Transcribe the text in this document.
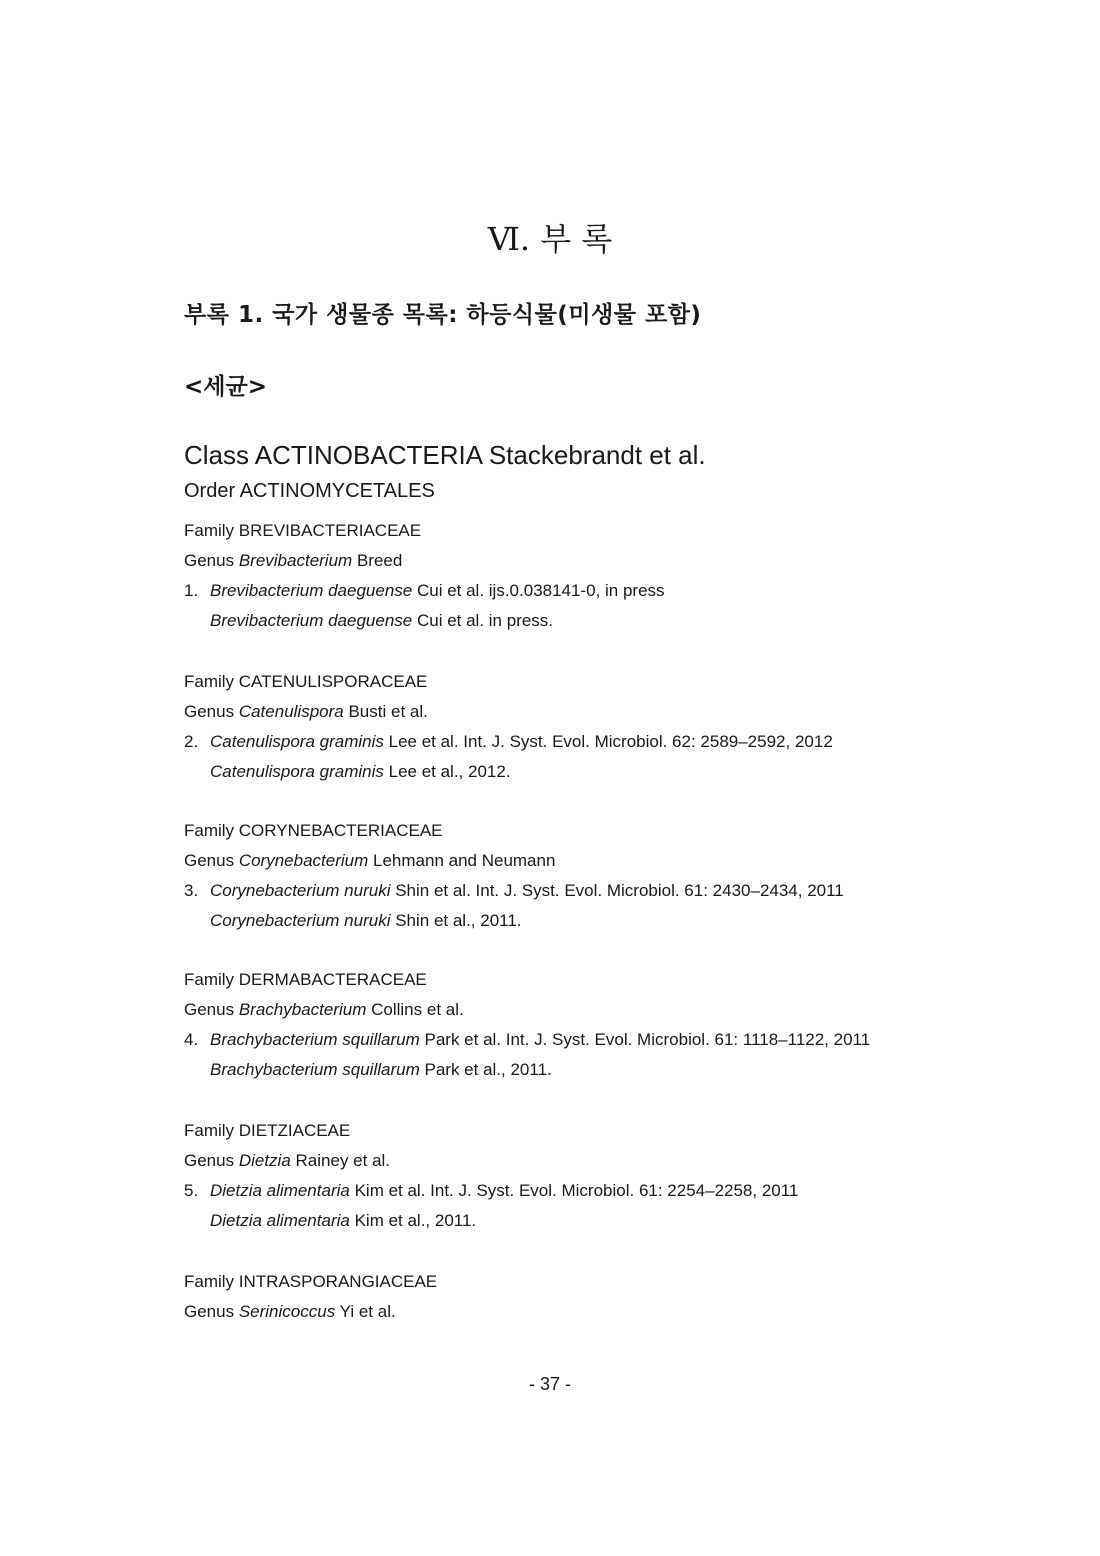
Ⅵ. 부 록
부록 1. 국가 생물종 목록: 하등식물(미생물 포함)
<세균>
Class ACTINOBACTERIA Stackebrandt et al.
Order ACTINOMYCETALES
Family BREVIBACTERIACEAE
Genus Brevibacterium Breed
1. Brevibacterium daeguense Cui et al. ijs.0.038141-0, in press
Brevibacterium daeguense Cui et al. in press.
Family CATENULISPORACEAE
Genus Catenulispora Busti et al.
2. Catenulispora graminis Lee et al. Int. J. Syst. Evol. Microbiol. 62: 2589–2592, 2012
Catenulispora graminis Lee et al., 2012.
Family CORYNEBACTERIACEAE
Genus Corynebacterium Lehmann and Neumann
3. Corynebacterium nuruki Shin et al. Int. J. Syst. Evol. Microbiol. 61: 2430–2434, 2011
Corynebacterium nuruki Shin et al., 2011.
Family DERMABACTERACEAE
Genus Brachybacterium Collins et al.
4. Brachybacterium squillarum Park et al. Int. J. Syst. Evol. Microbiol. 61: 1118–1122, 2011
Brachybacterium squillarum Park et al., 2011.
Family DIETZIACEAE
Genus Dietzia Rainey et al.
5. Dietzia alimentaria Kim et al. Int. J. Syst. Evol. Microbiol. 61: 2254–2258, 2011
Dietzia alimentaria Kim et al., 2011.
Family INTRASPORANGIACEAE
Genus Serinicoccus Yi et al.
- 37 -
